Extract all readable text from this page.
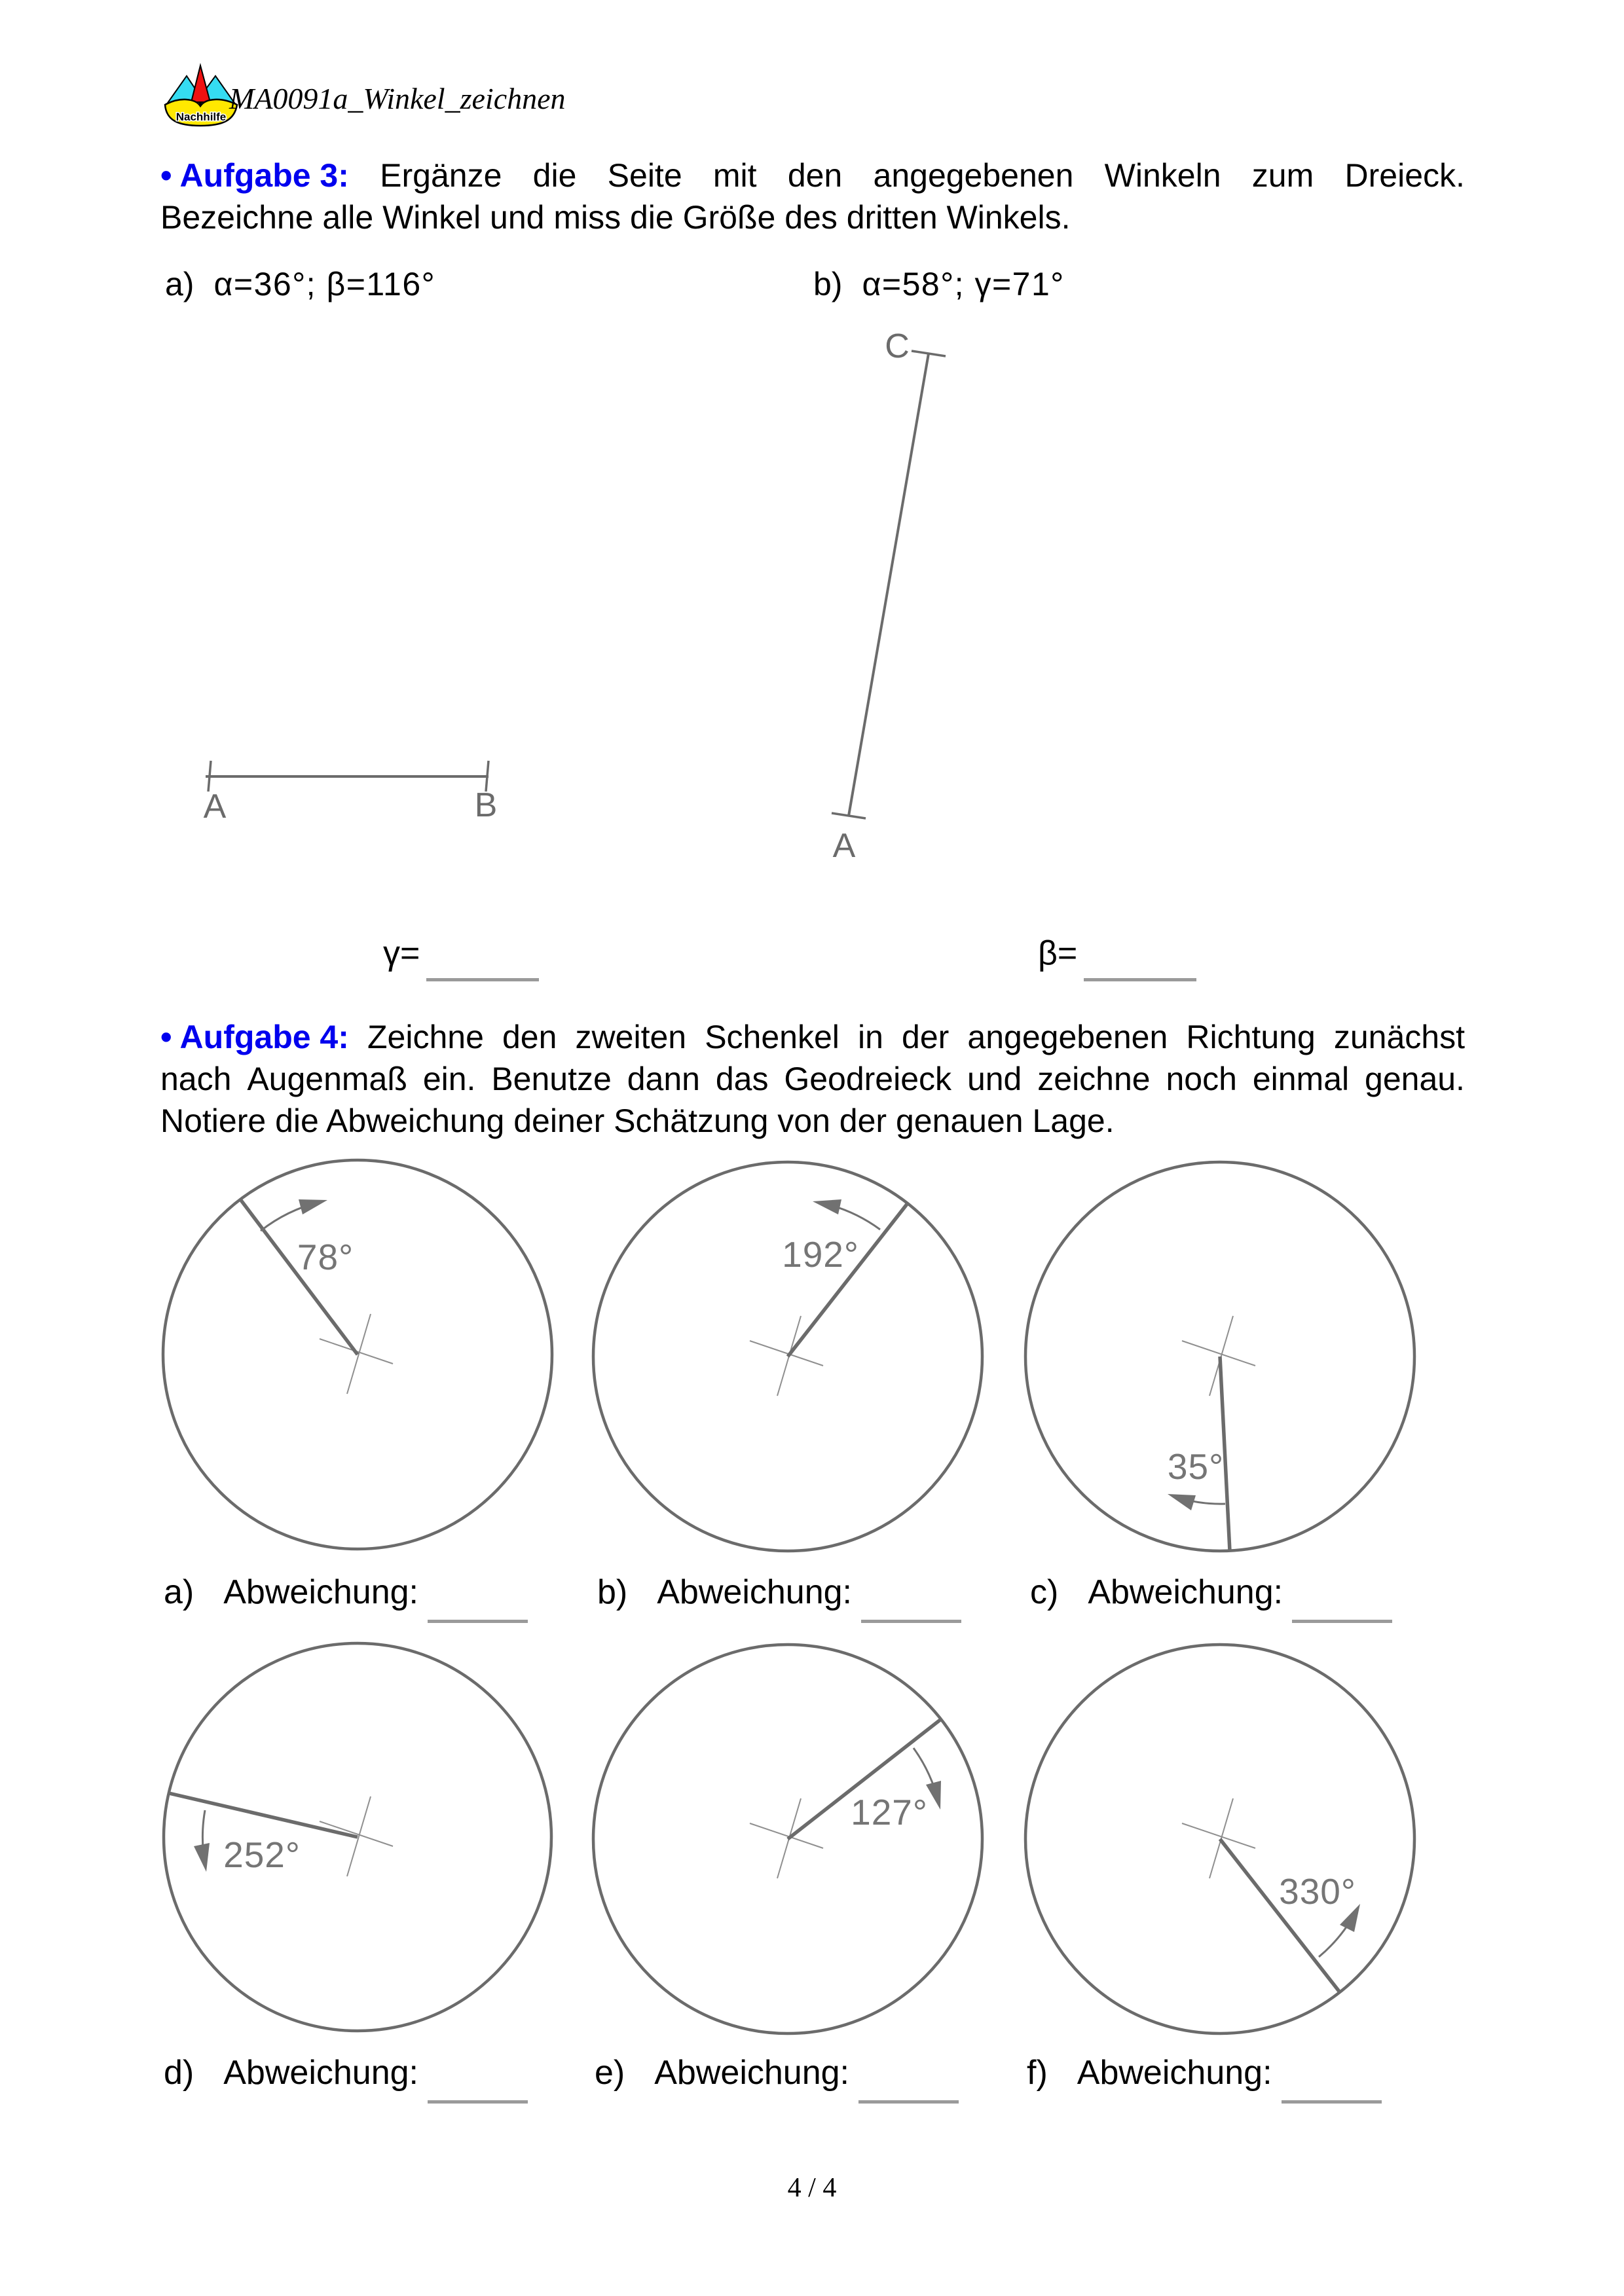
Nachhilfe
MA0091a_Winkel_zeichnen
• Aufgabe 3: Ergänze die Seite mit den angegebenen Winkeln zum Dreieck.
Bezeichne alle Winkel und miss die Größe des dritten Winkels.
a) α=36°; β=116°	b) α=58°; γ=71°
A	B
C
A
γ=	β=
• Aufgabe 4: Zeichne den zweiten Schenkel in der angegebenen Richtung zunächst
nach Augenmaß ein. Benutze dann das Geodreieck und zeichne noch einmal genau.
Notiere die Abweichung deiner Schätzung von der genauen Lage.
78°	192°
35°
252°
127°
330°
a) Abweichung:	b) Abweichung:	c) Abweichung:
d) Abweichung:	e) Abweichung:	f) Abweichung:
4 / 4
